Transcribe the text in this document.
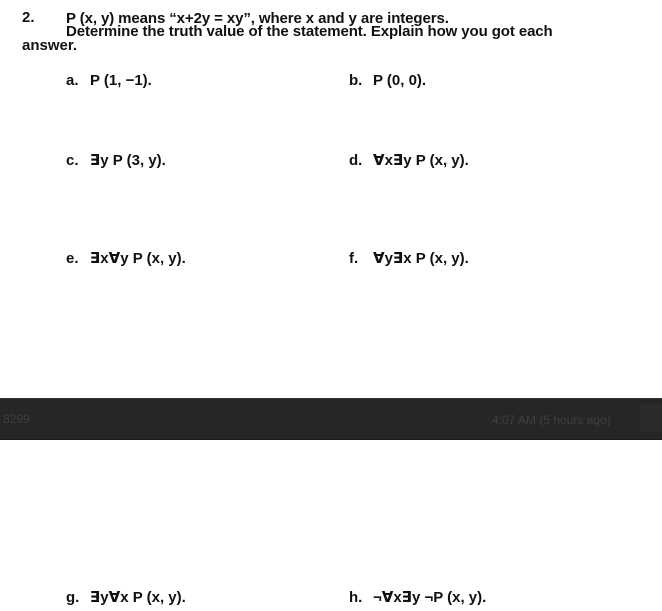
2. P (x, y) means “x+2y = xy”, where x and y are integers.
Determine the truth value of the statement. Explain how you got each
answer.
a. P (1, −1).	b. P (0, 0).
c. ∃y P (3, y).	d. ∀x∃y P (x, y).
e. ∃x∀y P (x, y).	f. ∀y∃x P (x, y).
8299	4:07 AM (5 hours ago)
g. ∃y∀x P (x, y).	h. ¬∀x∃y ¬P (x, y).
